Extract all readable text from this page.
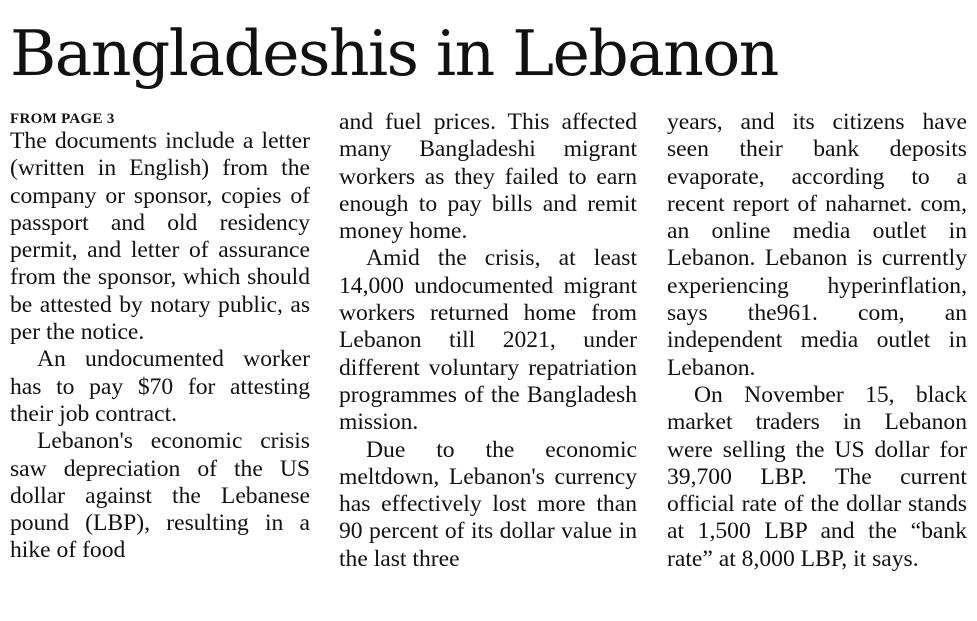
Bangladeshis in Lebanon
FROM PAGE 3

The documents include a letter (written in English) from the company or sponsor, copies of passport and old residency permit, and letter of assurance from the sponsor, which should be attested by notary public, as per the notice.

An undocumented worker has to pay $70 for attesting their job contract.

Lebanon's economic crisis saw depreciation of the US dollar against the Lebanese pound (LBP), resulting in a hike of food

and fuel prices. This affected many Bangladeshi migrant workers as they failed to earn enough to pay bills and remit money home.

Amid the crisis, at least 14,000 undocumented migrant workers returned home from Lebanon till 2021, under different voluntary repatriation programmes of the Bangladesh mission.

Due to the economic meltdown, Lebanon's currency has effectively lost more than 90 percent of its dollar value in the last three

years, and its citizens have seen their bank deposits evaporate, according to a recent report of naharnet. com, an online media outlet in Lebanon. Lebanon is currently experiencing hyperinflation, says the961. com, an independent media outlet in Lebanon.

On November 15, black market traders in Lebanon were selling the US dollar for 39,700 LBP. The current official rate of the dollar stands at 1,500 LBP and the “bank rate” at 8,000 LBP, it says.
